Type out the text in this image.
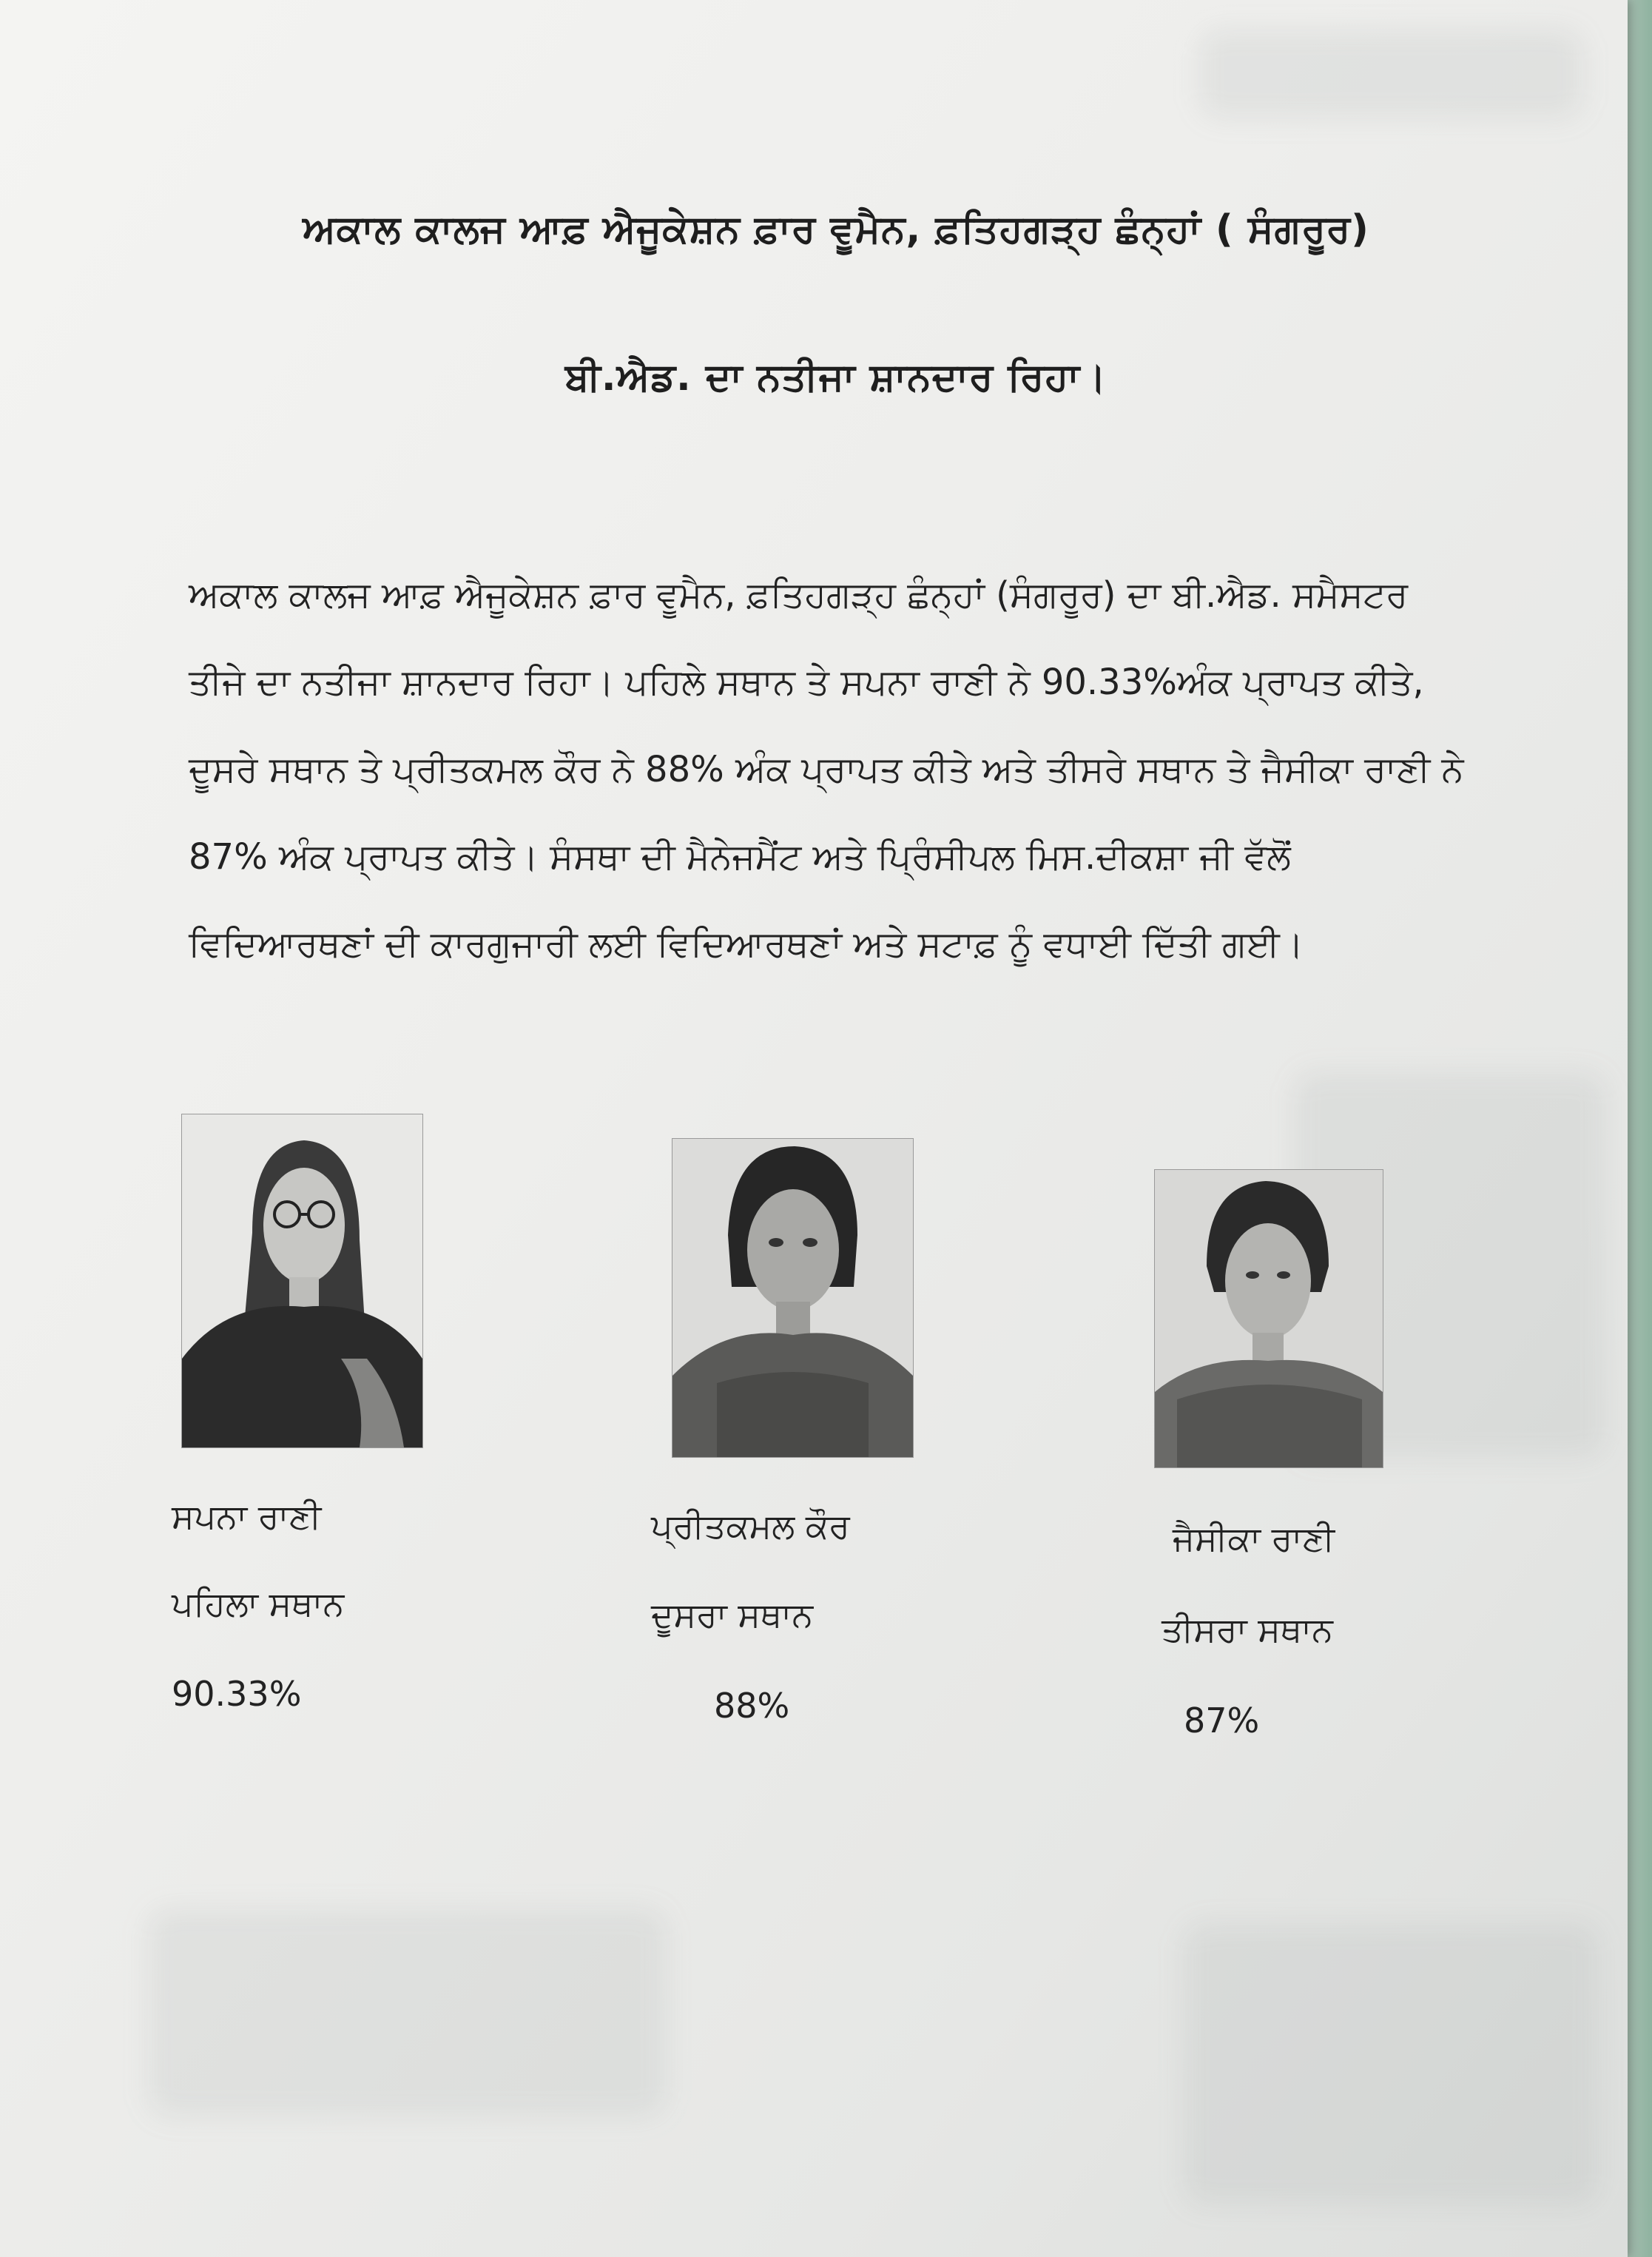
ਅਕਾਲ ਕਾਲਜ ਆਫ਼ ਐਜੂਕੇਸ਼ਨ ਫ਼ਾਰ ਵੂਮੈਨ, ਫ਼ਤਿਹਗੜ੍ਹ ਛੰਨ੍ਹਾਂ ( ਸੰਗਰੂਰ)
ਬੀ.ਐਡ. ਦਾ ਨਤੀਜਾ ਸ਼ਾਨਦਾਰ ਰਿਹਾ।

ਅਕਾਲ ਕਾਲਜ ਆਫ਼ ਐਜੂਕੇਸ਼ਨ ਫ਼ਾਰ ਵੂਮੈਨ, ਫ਼ਤਿਹਗੜ੍ਹ ਛੰਨ੍ਹਾਂ (ਸੰਗਰੂਰ) ਦਾ ਬੀ.ਐਡ. ਸਮੈਸਟਰ ਤੀਜੇ ਦਾ ਨਤੀਜਾ ਸ਼ਾਨਦਾਰ ਰਿਹਾ। ਪਹਿਲੇ ਸਥਾਨ ਤੇ ਸਪਨਾ ਰਾਣੀ ਨੇ 90.33%ਅੰਕ ਪ੍ਰਾਪਤ ਕੀਤੇ, ਦੂਸਰੇ ਸਥਾਨ ਤੇ ਪ੍ਰੀਤਕਮਲ ਕੌਰ ਨੇ 88% ਅੰਕ ਪ੍ਰਾਪਤ ਕੀਤੇ ਅਤੇ ਤੀਸਰੇ ਸਥਾਨ ਤੇ ਜੈਸੀਕਾ ਰਾਣੀ ਨੇ 87% ਅੰਕ ਪ੍ਰਾਪਤ ਕੀਤੇ। ਸੰਸਥਾ ਦੀ ਮੈਨੇਜਮੈਂਟ ਅਤੇ ਪ੍ਰਿੰਸੀਪਲ ਮਿਸ.ਦੀਕਸ਼ਾ ਜੀ ਵੱਲੋਂ ਵਿਦਿਆਰਥਣਾਂ ਦੀ ਕਾਰਗੁਜਾਰੀ ਲਈ ਵਿਦਿਆਰਥਣਾਂ ਅਤੇ ਸਟਾਫ਼ ਨੂੰ ਵਧਾਈ ਦਿੱਤੀ ਗਈ।

ਸਪਨਾ ਰਾਣੀ
ਪਹਿਲਾ ਸਥਾਨ
90.33%
ਪ੍ਰੀਤਕਮਲ ਕੌਰ
ਦੂਸਰਾ ਸਥਾਨ
88%
ਜੈਸੀਕਾ ਰਾਣੀ
ਤੀਸਰਾ ਸਥਾਨ
87%
